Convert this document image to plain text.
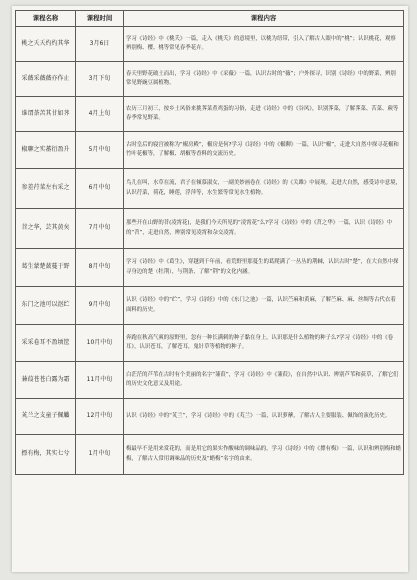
课程名称	课程时间	课程内容
桃之夭夭灼灼其华	3月6日	学习《诗经》中《桃夭》一篇，走入《桃夭》的意境里，以桃为纽带，引入了解古人眼中的“桃”；认识桃花，观察辨别梅、樱、桃等常见春季花卉。
采薇采薇薇亦作止	3月下旬	春天里野花破土而出，学习《诗经》中《采薇》一篇，认识古时的“薇”；户外探寻，识别《诗经》中的野菜，辨别常见野豌豆属植物。
谁谓荼苦其甘如荠	4月上旬	农历三月初三，按乡土风俗来挑荠菜煮鸡蛋的习俗，走进《诗经》中的《谷风》，识别荠菜，了解荠菜、苦菜、蕨等春季常见野菜。
椒聊之实蕃衍盈升	5月中旬	古时皇后的寝宫被称为“椒房殿”，椒房是何?学习《诗经》中的《椒聊》一篇，认识“椒”，走进大自然中探寻花椒和竹叶花椒等，了解椒、胡椒等香料的交流历史。
参差荇菜左右采之	6月中旬	鸟儿在叫，水草在流，君子在倾慕淑女，一副美妙画卷在《诗经》的《关雎》中展现。走进大自然，感受诗中意境，认识荇菜，荷花，睡莲，浮萍等，水生繁等常见水生植物。
苕之华，芸其黄矣	7月中旬	那些开在山野的苕(凌霄花)，是我们今天所见的“凌霄花”么?学习《诗经》中的《苕之华》一篇，认识《诗经》中的“苕”，走进自然，辨别常见凌霄和杂交凌霄。
葛生蒙楚蔹蔓于野	8月中旬	学习《诗经》中《葛生》，穿越到千年前，看荒野里那蔓生的葛爬满了一丛丛的荆棘，认识古时“楚”，在大自然中探寻身边的楚（牡荆），与荆条，了解“荆”的文化内涵。
东门之池可以沤纻	9月中旬	认识《诗经》中的“纻”，学习《诗经》中的《东门之池》一篇，认识苎麻和黄麻，了解苎麻、麻、丝绸等古代衣着面料的历史。
采采卷耳不盈顷筐	10月中旬	奔跑在秋高气爽的原野里，忽有一种长满刺的种子黏在身上，认识那是什么植物的种子么?学习《诗经》中的《卷耳》，认识苍耳，了解苍耳，鬼针草等植物的种子。
蒹葭苍苍白露为霜	11月中旬	白茫茫的芦苇在古时有个美丽的名字“蒹葭”，学习《诗经》中《蒹葭》，在自然中认识、辨别芦苇和荻草，了解它们的历史文化意义及用途。
芄兰之支童子佩觿	12月中旬	认识《诗经》中的“芄兰”，学习《诗经》中的《芄兰》一篇，认识萝藦，了解古人主要服装、佩饰的演化历史。
摽有梅，其实七兮	1月中旬	梅最早不是用来赏花的，而是用它的果实作酸味的调味品的，学习《诗经》中的《摽有梅》一篇，认识和辨别梅和蜡梅，了解古人常用调味品的历史及“蜡梅”名字的由来。
